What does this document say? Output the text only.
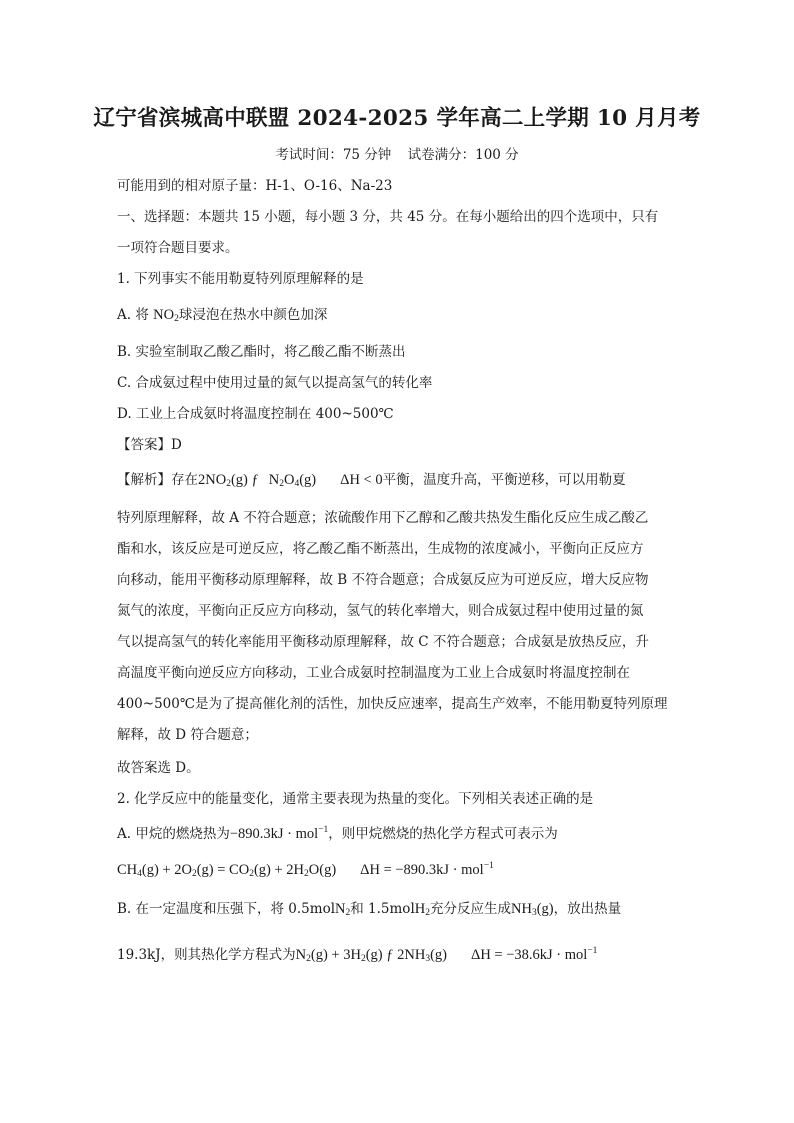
辽宁省滨城高中联盟 2024-2025 学年高二上学期 10 月月考
考试时间：75 分钟 试卷满分：100 分
可能用到的相对原子量：H-1、O-16、Na-23
一、选择题：本题共 15 小题，每小题 3 分，共 45 分。在每小题给出的四个选项中，只有
一项符合题目要求。
1. 下列事实不能用勒夏特列原理解释的是
A. 将 $NO_2$球浸泡在热水中颜色加深
B. 实验室制取乙酸乙酯时，将乙酸乙酯不断蒸出
C. 合成氨过程中使用过量的氮气以提高氢气的转化率
D. 工业上合成氨时将温度控制在 400~500℃
【答案】D
【解析】存在$2NO_2(g)$ ƒ $N_2O_4(g) \Delta H < 0$平衡，温度升高，平衡逆移，可以用勒夏
特列原理解释，故 A 不符合题意；浓硫酸作用下乙醇和乙酸共热发生酯化反应生成乙酸乙
酯和水，该反应是可逆反应，将乙酸乙酯不断蒸出，生成物的浓度减小，平衡向正反应方
向移动，能用平衡移动原理解释，故 B 不符合题意；合成氨反应为可逆反应，增大反应物
氮气的浓度，平衡向正反应方向移动，氢气的转化率增大，则合成氨过程中使用过量的氮
气以提高氢气的转化率能用平衡移动原理解释，故 C 不符合题意；合成氨是放热反应，升
高温度平衡向逆反应方向移动，工业合成氨时控制温度为工业上合成氨时将温度控制在
400~500℃是为了提高催化剂的活性，加快反应速率，提高生产效率，不能用勒夏特列原理
解释，故 D 符合题意；
故答案选 D。
2. 化学反应中的能量变化，通常主要表现为热量的变化。下列相关表述正确的是
A. 甲烷的燃烧热为−890.3kJ · mol$^{-1}$，则甲烷燃烧的热化学方程式可表示为
$CH_4(g) + 2O_2(g) = CO_2(g) + 2H_2O(g) \Delta H = -890.3kJ \cdot mol^{-1}$
B. 在一定温度和压强下，将 0.5molN$_2$和 1.5molH$_2$充分反应生成$NH_3(g)$，放出热量
19.3kJ，则其热化学方程式为$N_2(g) + 3H_2(g)$ ƒ $2NH_3(g) \Delta H = -38.6kJ \cdot mol^{-1}$
